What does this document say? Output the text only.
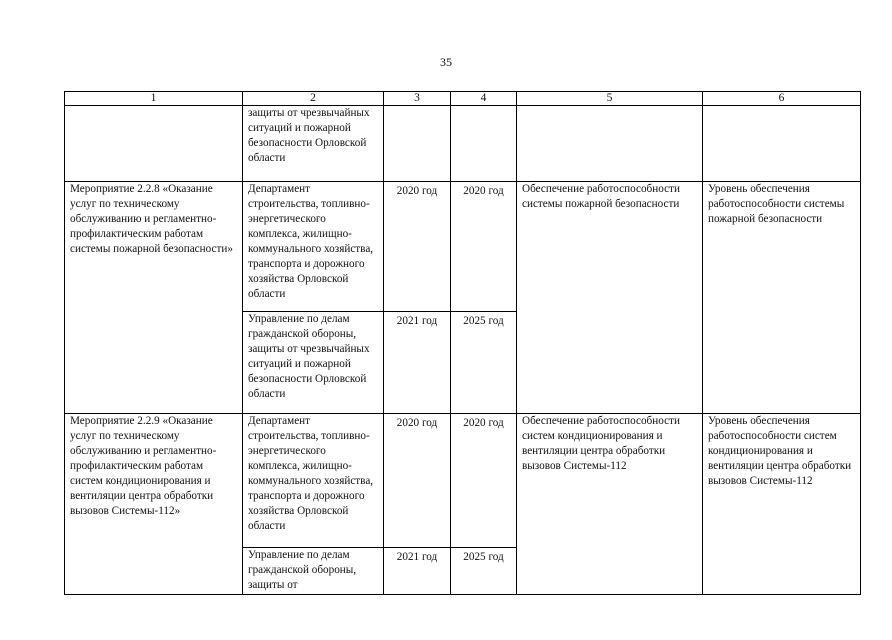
35
1	2	3	4	5	6
	защиты от чрезвычайных ситуаций и пожарной безопасности Орловской области				
Мероприятие 2.2.8 «Оказание услуг по техническому обслуживанию и регламентно-профилактическим работам системы пожарной безопасности»	Департамент строительства, топливно-энергетического комплекса, жилищно-коммунального хозяйства, транспорта и дорожного хозяйства Орловской области	2020 год	2020 год	Обеспечение работоспособности системы пожарной безопасности	Уровень обеспечения работоспособности системы пожарной безопасности
	Управление по делам гражданской обороны, защиты от чрезвычайных ситуаций и пожарной безопасности Орловской области	2021 год	2025 год		
Мероприятие 2.2.9 «Оказание услуг по техническому обслуживанию и регламентно-профилактическим работам систем кондиционирования и вентиляции центра обработки вызовов Системы-112»	Департамент строительства, топливно-энергетического комплекса, жилищно-коммунального хозяйства, транспорта и дорожного хозяйства Орловской области	2020 год	2020 год	Обеспечение работоспособности систем кондиционирования и вентиляции центра обработки вызовов Системы-112	Уровень обеспечения работоспособности систем кондиционирования и вентиляции центра обработки вызовов Системы-112
	Управление по делам гражданской обороны, защиты от	2021 год	2025 год		
